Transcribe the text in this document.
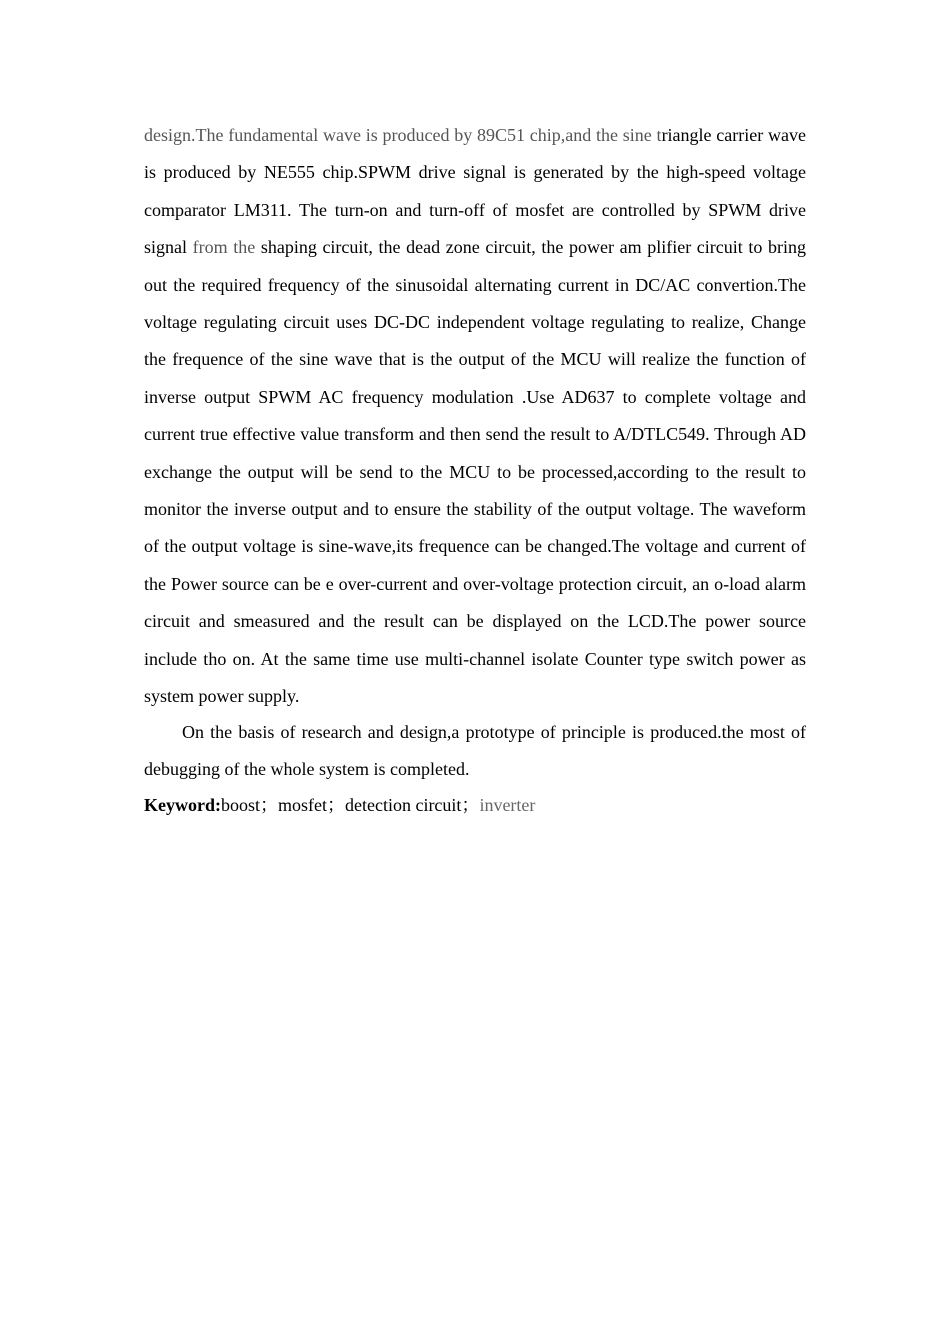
design.The fundamental wave is produced by 89C51 chip,and the sine triangle carrier wave is produced by NE555 chip.SPWM drive signal is generated by the high-speed voltage comparator LM311. The turn-on and turn-off of mosfet are controlled by SPWM drive signal from the shaping circuit, the dead zone circuit, the power am plifier circuit to bring out the required frequency of the sinusoidal alternating current in DC/AC convertion.The voltage regulating circuit uses DC-DC independent voltage regulating to realize, Change the frequence of the sine wave that is the output of the MCU will realize the function of inverse output SPWM AC frequency modulation .Use AD637 to complete voltage and current true effective value transform and then send the result to A/DTLC549. Through AD exchange the output will be send to the MCU to be processed,according to the result to monitor the inverse output and to ensure the stability of the output voltage. The waveform of the output voltage is sine-wave,its frequence can be changed.The voltage and current of the Power source can be e over-current and over-voltage protection circuit, an o-load alarm circuit and smeasured and the result can be displayed on the LCD.The power source include tho on. At the same time use multi-channel isolate Counter type switch power as system power supply.

On the basis of research and design,a prototype of principle is produced.the most of debugging of the whole system is completed.

Keyword:boost；mosfet；detection circuit；inverter
